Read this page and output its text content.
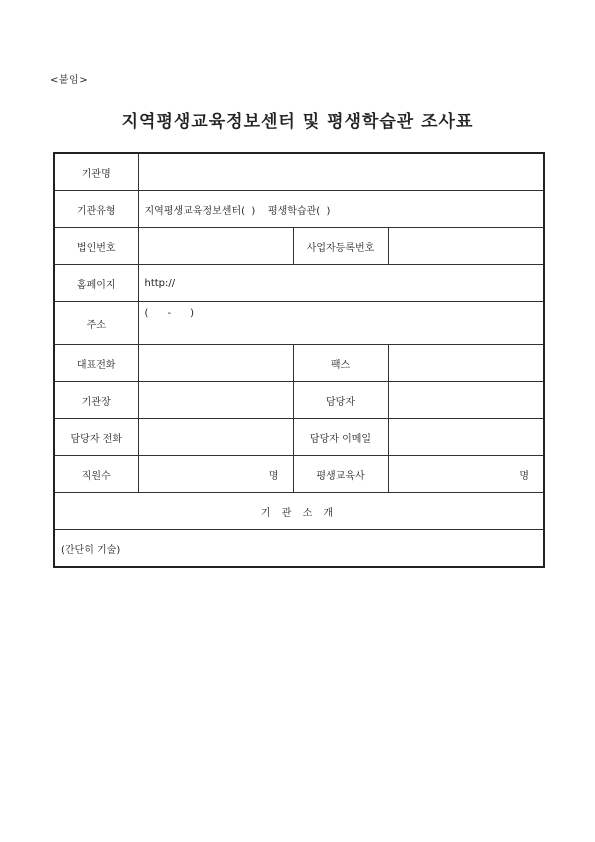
<붙임>
지역평생교육정보센터 및 평생학습관 조사표
기관명			
기관유형	지역평생교육정보센터(  )    평생학습관(  )		
법인번호		사업자등록번호	
홈페이지	http://		
주소	(      -      )		
대표전화		팩스	
기관장		담당자	
담당자 전화		담당자 이메일	
직원수	명	평생교육사	명
기 관 소 개			
(간단히 기술)			
